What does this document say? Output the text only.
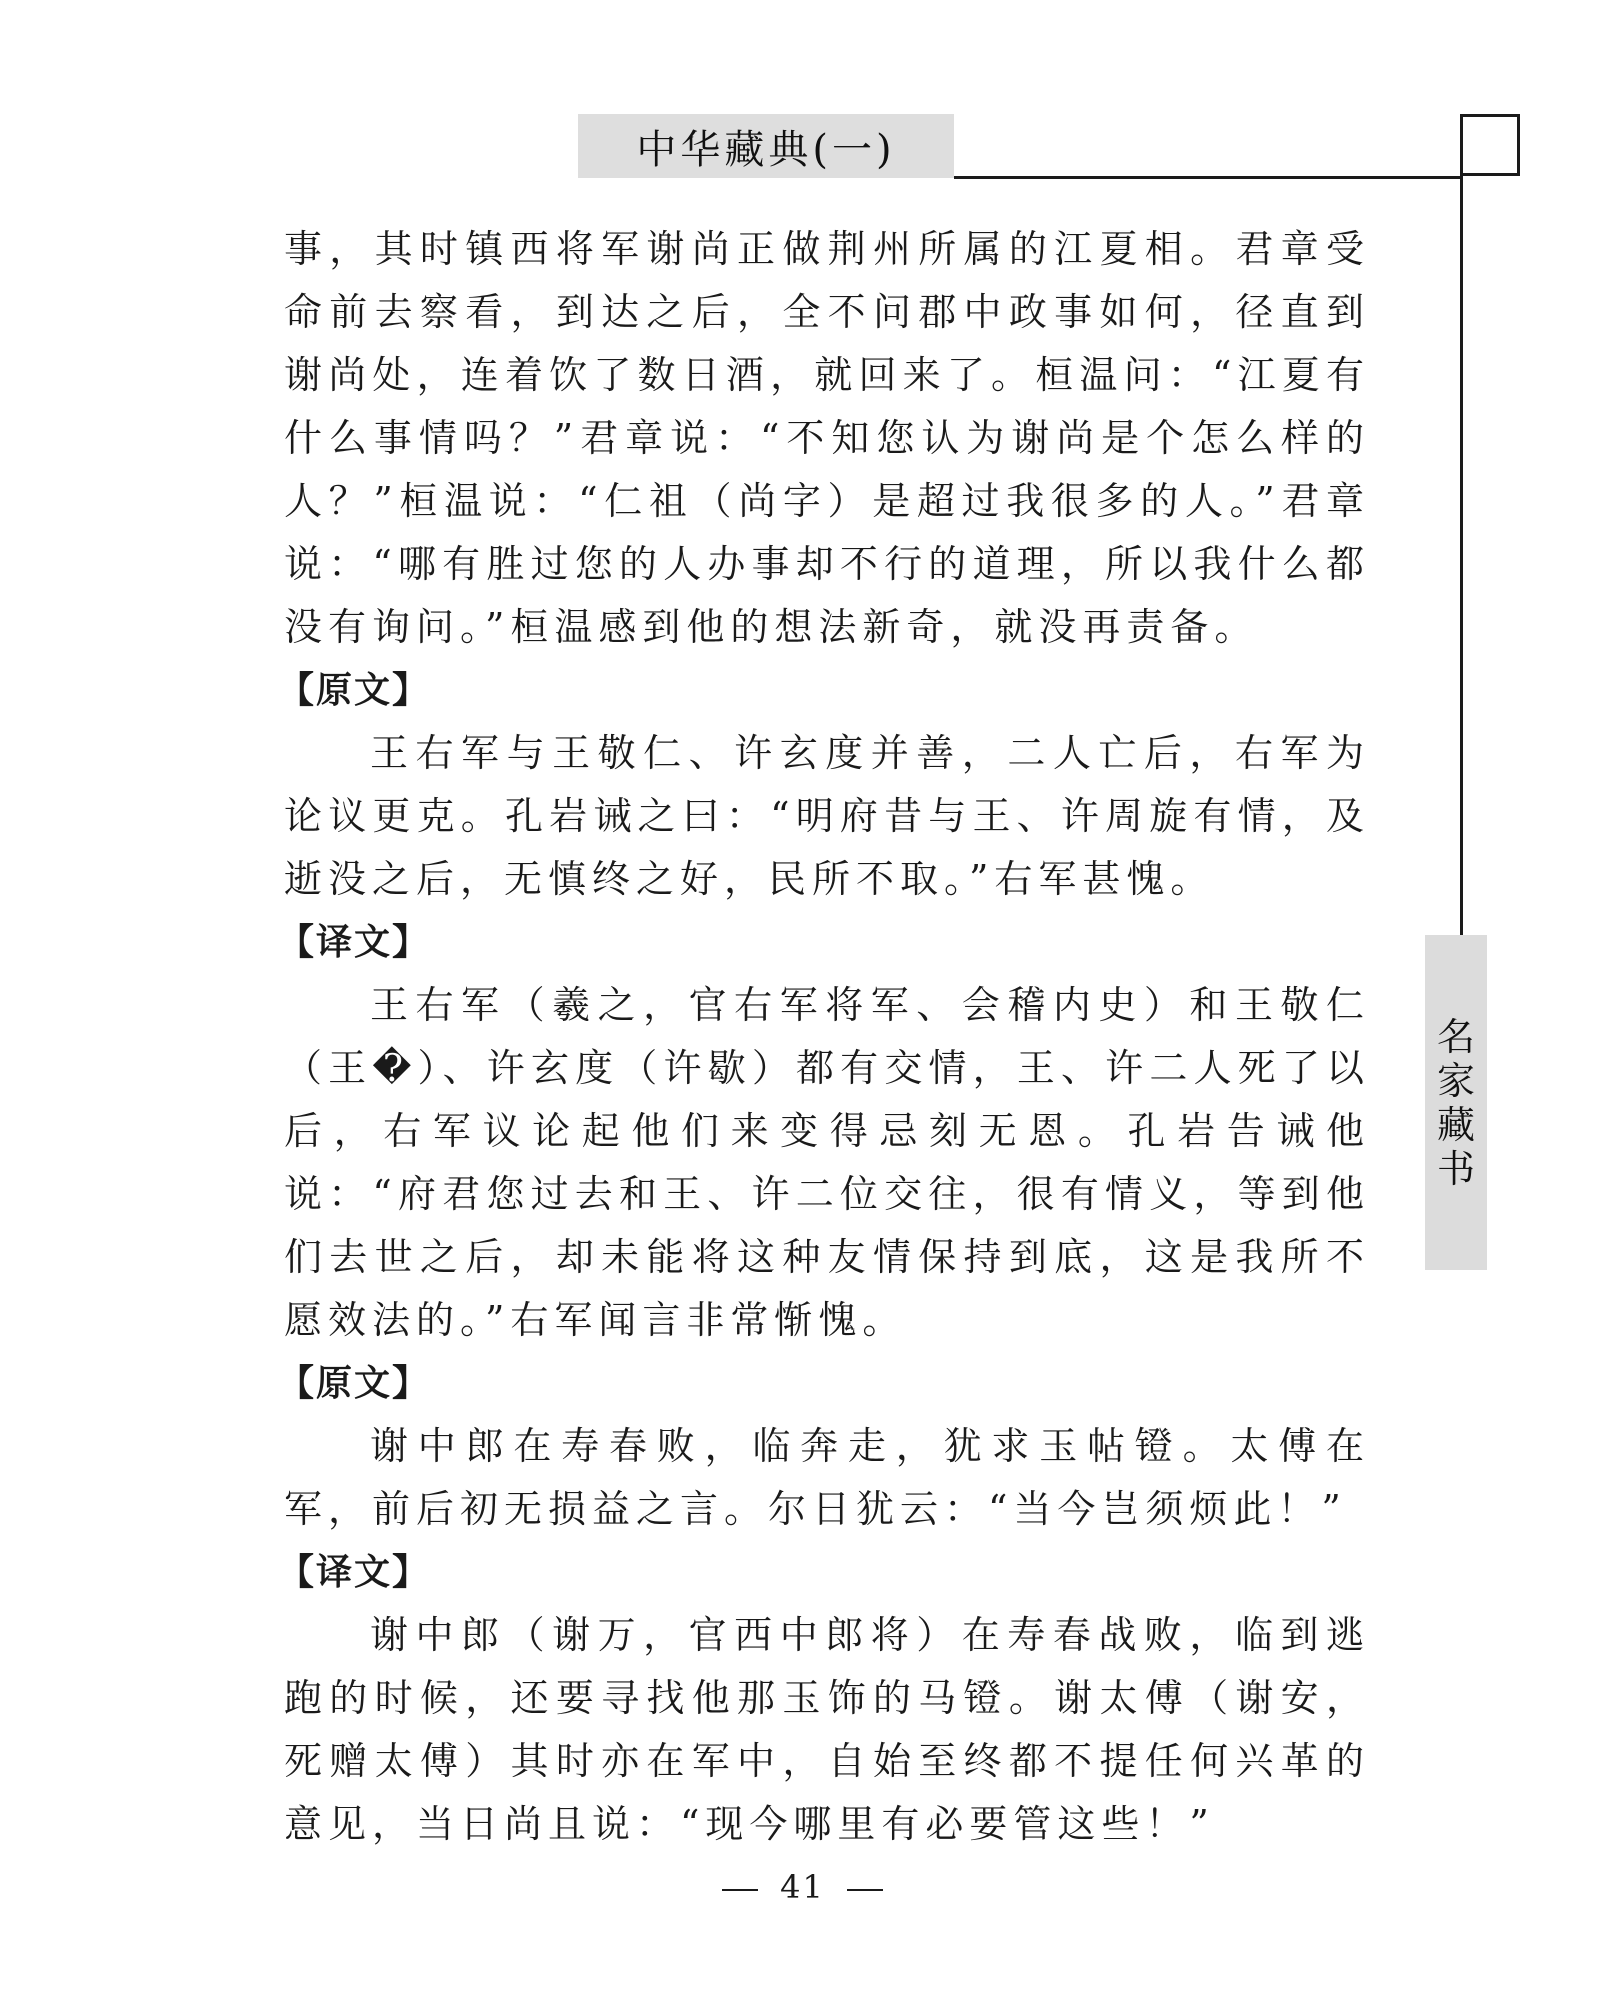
中华藏典(一)
名
家
藏
书

事，其时镇西将军谢尚正做荆州所属的江夏相。君章受命前去察看，到达之后，全不问郡中政事如何，径直到谢尚处，连着饮了数日酒，就回来了。桓温问：“江夏有什么事情吗？”君章说：“不知您认为谢尚是个怎么样的人？”桓温说：“仁祖（尚字）是超过我很多的人。”君章说：“哪有胜过您的人办事却不行的道理，所以我什么都没有询问。”桓温感到他的想法新奇，就没再责备。

【原文】

王右军与王敬仁、许玄度并善，二人亡后，右军为论议更克。孔岩诫之曰：“明府昔与王、许周旋有情，及逝没之后，无慎终之好，民所不取。”右军甚愧。

【译文】

王右军（羲之，官右军将军、会稽内史）和王敬仁（王�）、许玄度（许歇）都有交情，王、许二人死了以后，右军议论起他们来变得忌刻无恩。孔岩告诫他说：“府君您过去和王、许二位交往，很有情义，等到他们去世之后，却未能将这种友情保持到底，这是我所不愿效法的。”右军闻言非常惭愧。

【原文】

谢中郎在寿春败，临奔走，犹求玉帖镫。太傅在军，前后初无损益之言。尔日犹云：“当今岂须烦此！”

【译文】

谢中郎（谢万，官西中郎将）在寿春战败，临到逃跑的时候，还要寻找他那玉饰的马镫。谢太傅（谢安，死赠太傅）其时亦在军中，自始至终都不提任何兴革的意见，当日尚且说：“现今哪里有必要管这些！”

41
